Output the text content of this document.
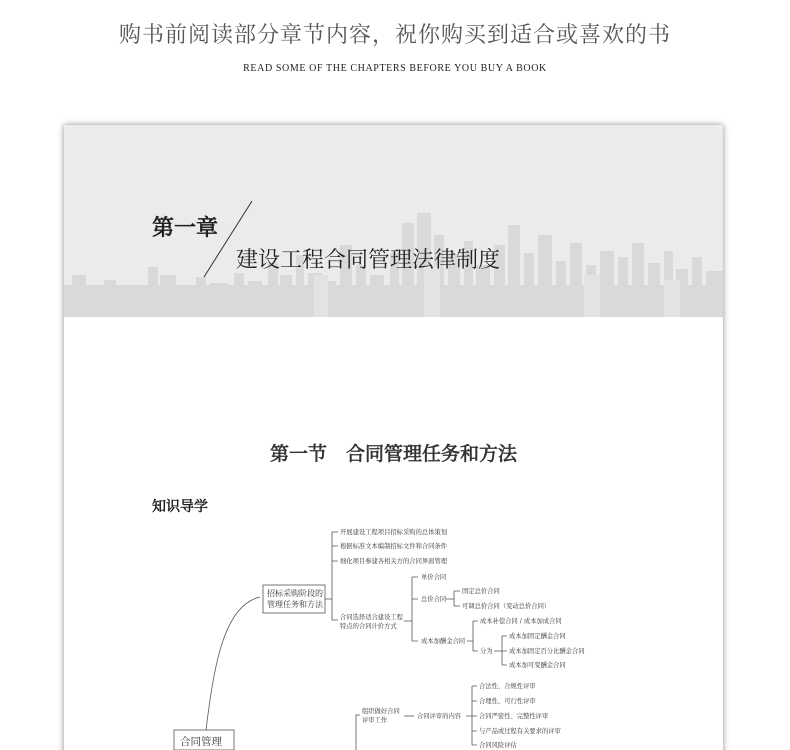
购书前阅读部分章节内容，祝你购买到适合或喜欢的书
READ SOME OF THE CHAPTERS BEFORE YOU BUY A BOOK
第一章
建设工程合同管理法律制度
第一节　合同管理任务和方法
知识导学
合同管理
招标采购阶段的
管理任务和方法
开展建设工程项目招标采购的总体策划
根据标准文本编制招标文件和合同条件
细化项目参建各相关方的合同界面管理
合同选择适合建设工程
特点的合同计价方式
单价合同
总价合同
固定总价合同
可调总价合同（变动总价合同）
成本加酬金合同
成本补偿合同 / 成本加成合同
分为
成本加固定酬金合同
成本加固定百分比酬金合同
成本加可变酬金合同
组织做好合同
评审工作
合同评审的内容
合法性、合规性评审
合理性、可行性评审
合同严密性、完整性评审
与产品或过程有关要求的评审
合同风险评估
